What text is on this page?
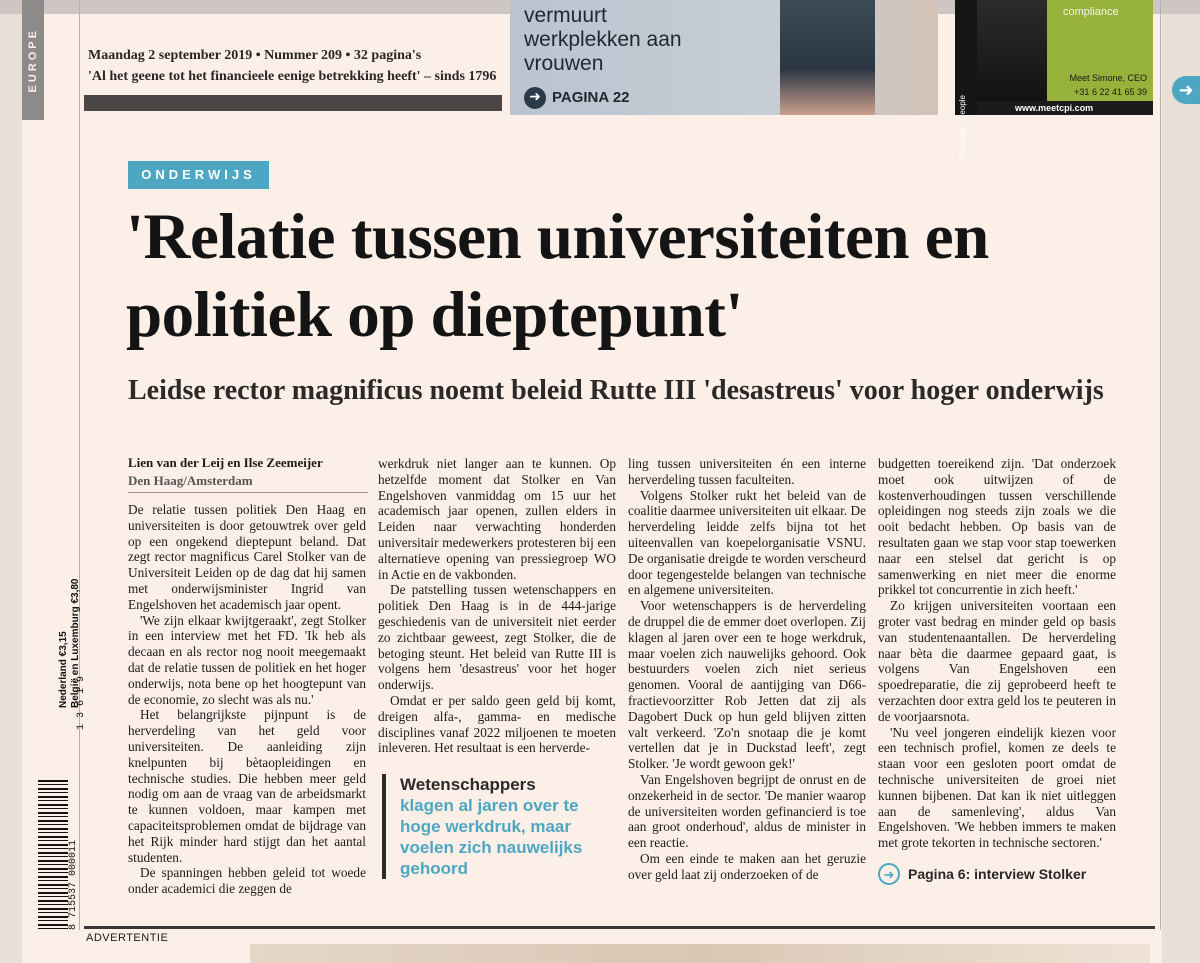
EUROPE	Maandag 2 september 2019 • Nummer 209 • 32 pagina's
'Al het geene tot het financieele eenige betrekking heeft' – sinds 1796
vermuurt werkplekken aan vrouwen
➜ PAGINA 22	Purpose • People
compliance
Meet Simone, CEO
+31 6 22 41 65 39
www.meetcpi.com
➜
ONDERWIJS
'Relatie tussen universiteiten en politiek op dieptepunt'
Leidse rector magnificus noemt beleid Rutte III 'desastreus' voor hoger onderwijs
Lien van der Leij en Ilse Zeemeijer
Den Haag/Amsterdam

De relatie tussen politiek Den Haag en universiteiten is door getouwtrek over geld op een ongekend dieptepunt beland. Dat zegt rector magnificus Carel Stolker van de Universiteit Leiden op de dag dat hij samen met onderwijsminister Ingrid van Engelshoven het academisch jaar opent.

'We zijn elkaar kwijtgeraakt', zegt Stolker in een interview met het FD. 'Ik heb als decaan en als rector nog nooit meegemaakt dat de relatie tussen de politiek en het hoger onderwijs, nota bene op het hoogtepunt van de economie, zo slecht was als nu.'

Het belangrijkste pijnpunt is de herverdeling van het geld voor universiteiten. De aanleiding zijn knelpunten bij bètaopleidingen en technische studies. Die hebben meer geld nodig om aan de vraag van de arbeidsmarkt te kunnen voldoen, maar kampen met capaciteitsproblemen omdat de bijdrage van het Rijk minder hard stijgt dan het aantal studenten.

De spanningen hebben geleid tot woede onder academici die zeggen de

werkdruk niet langer aan te kunnen. Op hetzelfde moment dat Stolker en Van Engelshoven vanmiddag om 15 uur het academisch jaar openen, zullen elders in Leiden naar verwachting honderden universitair medewerkers protesteren bij een alternatieve opening van pressiegroep WO in Actie en de vakbonden.

De patstelling tussen wetenschappers en politiek Den Haag is in de 444-jarige geschiedenis van de universiteit niet eerder zo zichtbaar geweest, zegt Stolker, die de betoging steunt. Het beleid van Rutte III is volgens hem 'desastreus' voor het hoger onderwijs.

Omdat er per saldo geen geld bij komt, dreigen alfa-, gamma- en medische disciplines vanaf 2022 miljoenen te moeten inleveren. Het resultaat is een herverde-

Wetenschappers
klagen al jaren over te hoge werkdruk, maar voelen zich nauwelijks gehoord

ling tussen universiteiten én een interne herverdeling tussen faculteiten.

Volgens Stolker rukt het beleid van de coalitie daarmee universiteiten uit elkaar. De herverdeling leidde zelfs bijna tot het uiteenvallen van koepelorganisatie VSNU. De organisatie dreigde te worden verscheurd door tegengestelde belangen van technische en algemene universiteiten.

Voor wetenschappers is de herverdeling de druppel die de emmer doet overlopen. Zij klagen al jaren over een te hoge werkdruk, maar voelen zich nauwelijks gehoord. Ook bestuurders voelen zich niet serieus genomen. Vooral de aantijging van D66-fractievoorzitter Rob Jetten dat zij als Dagobert Duck op hun geld blijven zitten valt verkeerd. 'Zo'n snotaap die je komt vertellen dat je in Duckstad leeft', zegt Stolker. 'Je wordt gewoon gek!'

Van Engelshoven begrijpt de onrust en de onzekerheid in de sector. 'De manier waarop de universiteiten worden gefinancierd is toe aan groot onderhoud', aldus de minister in een reactie.

Om een einde te maken aan het geruzie over geld laat zij onderzoeken of de

budgetten toereikend zijn. 'Dat onderzoek moet ook uitwijzen of de kostenverhoudingen tussen verschillende opleidingen nog steeds zijn zoals we die ooit bedacht hebben. Op basis van de resultaten gaan we stap voor stap toewerken naar een stelsel dat gericht is op samenwerking en niet meer die enorme prikkel tot concurrentie in zich heeft.'

Zo krijgen universiteiten voortaan een groter vast bedrag en minder geld op basis van studentenaantallen. De herverdeling naar bèta die daarmee gepaard gaat, is volgens Van Engelshoven een spoedreparatie, die zij geprobeerd heeft te verzachten door extra geld los te peuteren in de voorjaarsnota.

'Nu veel jongeren eindelijk kiezen voor een technisch profiel, komen ze deels te staan voor een gesloten poort omdat de technische universiteiten de groei niet kunnen bijbenen. Dat kan ik niet uitleggen aan de samenleving', aldus Van Engelshoven. 'We hebben immers te maken met grote tekorten in technische sectoren.'

➜ Pagina 6: interview Stolker
8 715537 000011
1 3 6 1 9
Nederland €3,15 België en Luxemburg €3,80
ADVERTENTIE
